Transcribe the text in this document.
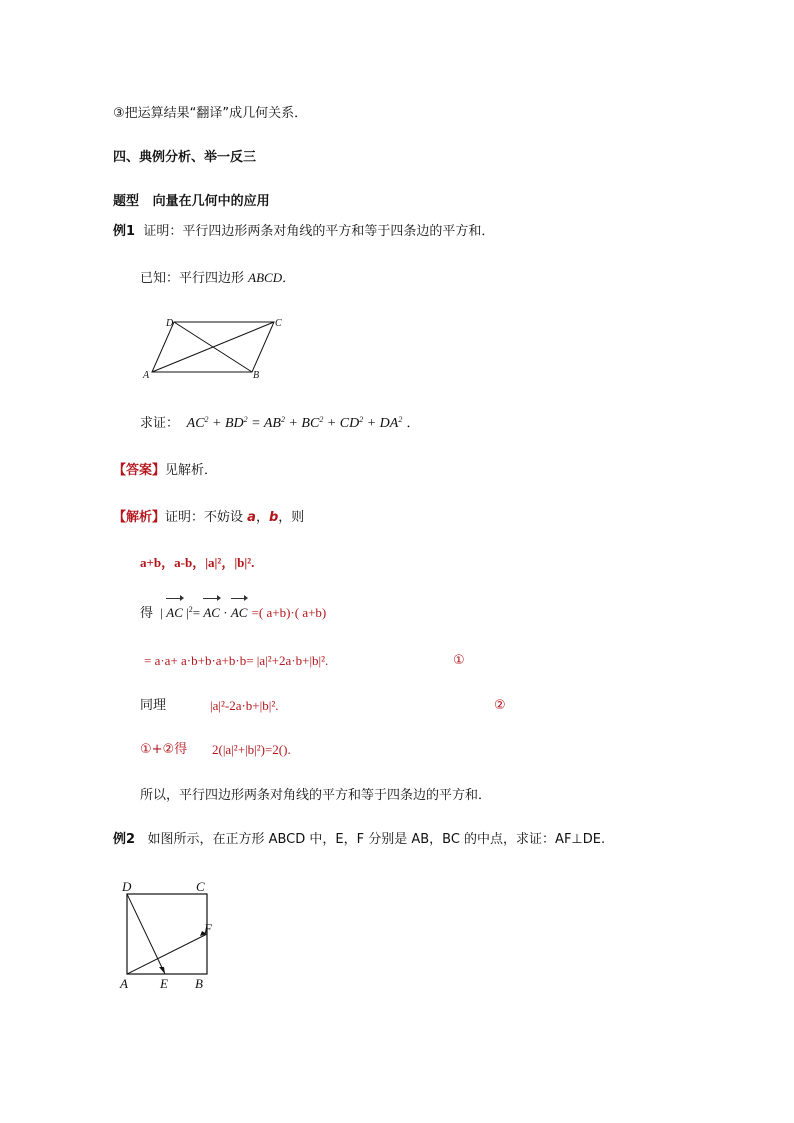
③把运算结果“翻译”成几何关系．
四、典例分析、举一反三
题型 向量在几何中的应用
例1 证明：平行四边形两条对角线的平方和等于四条边的平方和．
已知：平行四边形 ABCD．
A	B
C
D
求证：  $AC^2 + BD^2 = AB^2 + BC^2 + CD^2 + DA^2$ ．
【答案】见解析．
【解析】证明：不妨设 a，b，则
a+b，a-b，|a|²，|b|².
得  |
AC $|^2=$
AC · AC =( a+b)·( a+b)
= a·a+ a·b+b·a+b·b= |a|²+2a·b+|b|².	①
同理	|a|²-2a·b+|b|².	②
①+②得 2(|a|²+|b|²)=2().
所以，平行四边形两条对角线的平方和等于四条边的平方和．
例2 如图所示，在正方形 ABCD 中，E，F 分别是 AB，BC 的中点，求证：AF⊥DE.
D	C
F
A E B
